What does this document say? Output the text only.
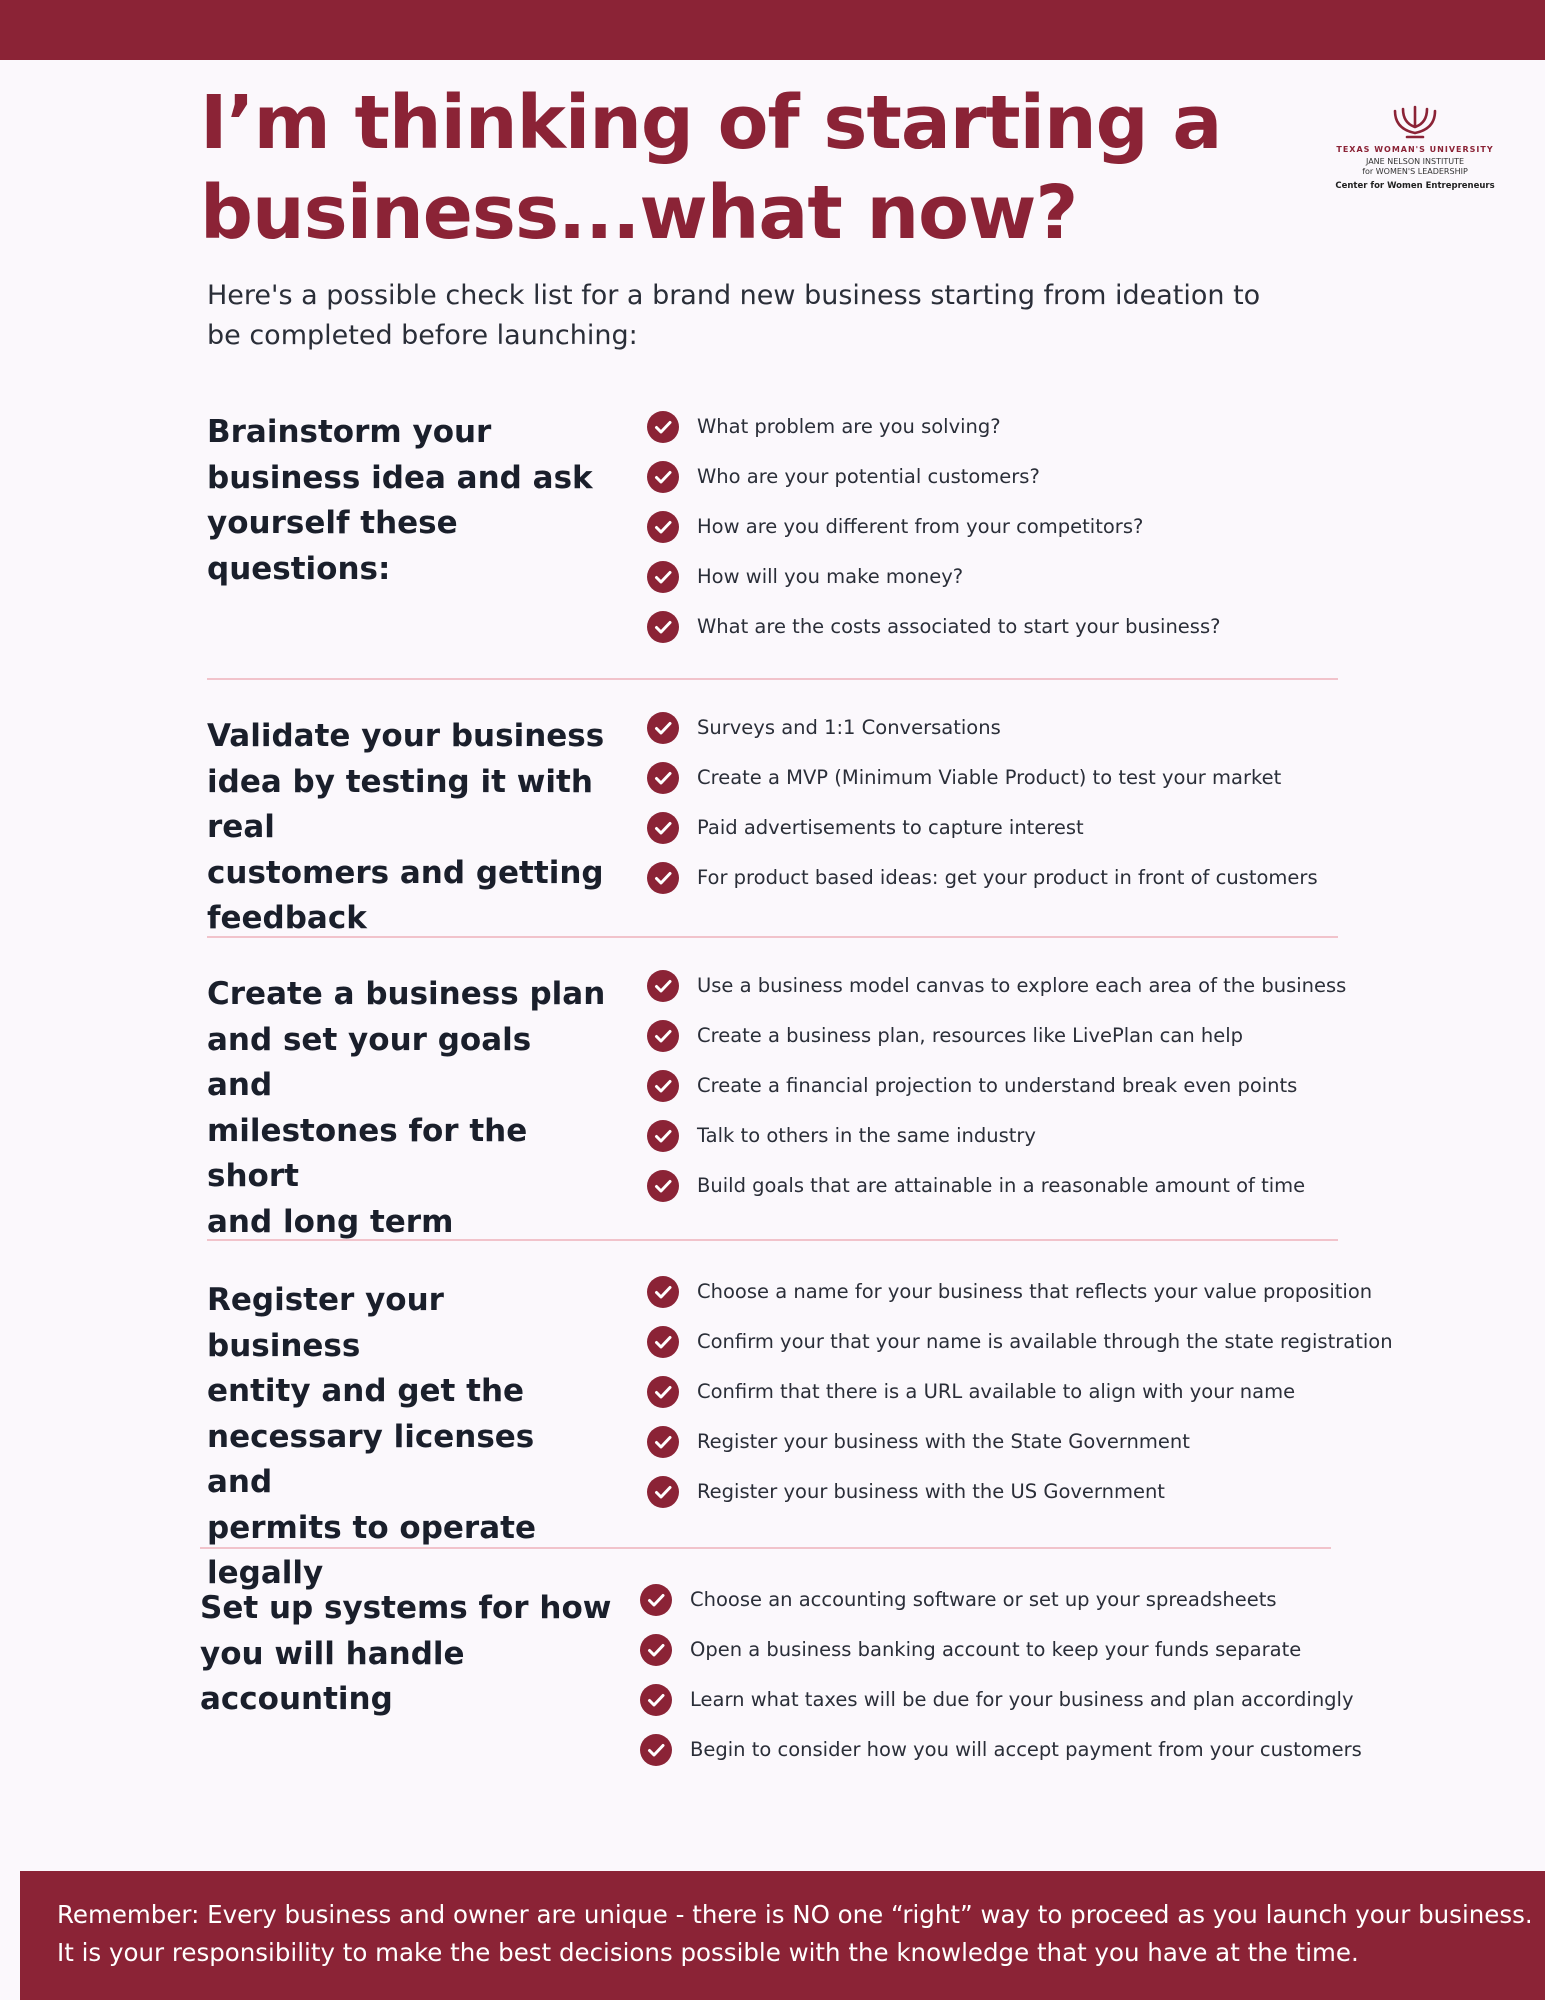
I’m thinking of starting a
business...what now?
TEXAS WOMAN'S UNIVERSITY
JANE NELSON INSTITUTE
for WOMEN'S LEADERSHIP
Center for Women Entrepreneurs

Here's a possible check list for a brand new business starting from ideation to be completed before launching:

Brainstorm your
business idea and ask
yourself these
questions:
What problem are you solving?
Who are your potential customers?
How are you different from your competitors?
How will you make money?
What are the costs associated to start your business?
Validate your business
idea by testing it with real
customers and getting
feedback
Surveys and 1:1 Conversations
Create a MVP (Minimum Viable Product) to test your market
Paid advertisements to capture interest
For product based ideas: get your product in front of customers
Create a business plan
and set your goals and
milestones for the short
and long term
Use a business model canvas to explore each area of the business
Create a business plan, resources like LivePlan can help
Create a financial projection to understand break even points
Talk to others in the same industry
Build goals that are attainable in a reasonable amount of time
Register your business
entity and get the
necessary licenses and
permits to operate
legally
Choose a name for your business that reflects your value proposition
Confirm your that your name is available through the state registration
Confirm that there is a URL available to align with your name
Register your business with the State Government
Register your business with the US Government
Set up systems for how
you will handle accounting
Choose an accounting software or set up your spreadsheets
Open a business banking account to keep your funds separate
Learn what taxes will be due for your business and plan accordingly
Begin to consider how you will accept payment from your customers

Remember: Every business and owner are unique - there is NO one “right” way to proceed as you launch your business.
It is your responsibility to make the best decisions possible with the knowledge that you have at the time.
